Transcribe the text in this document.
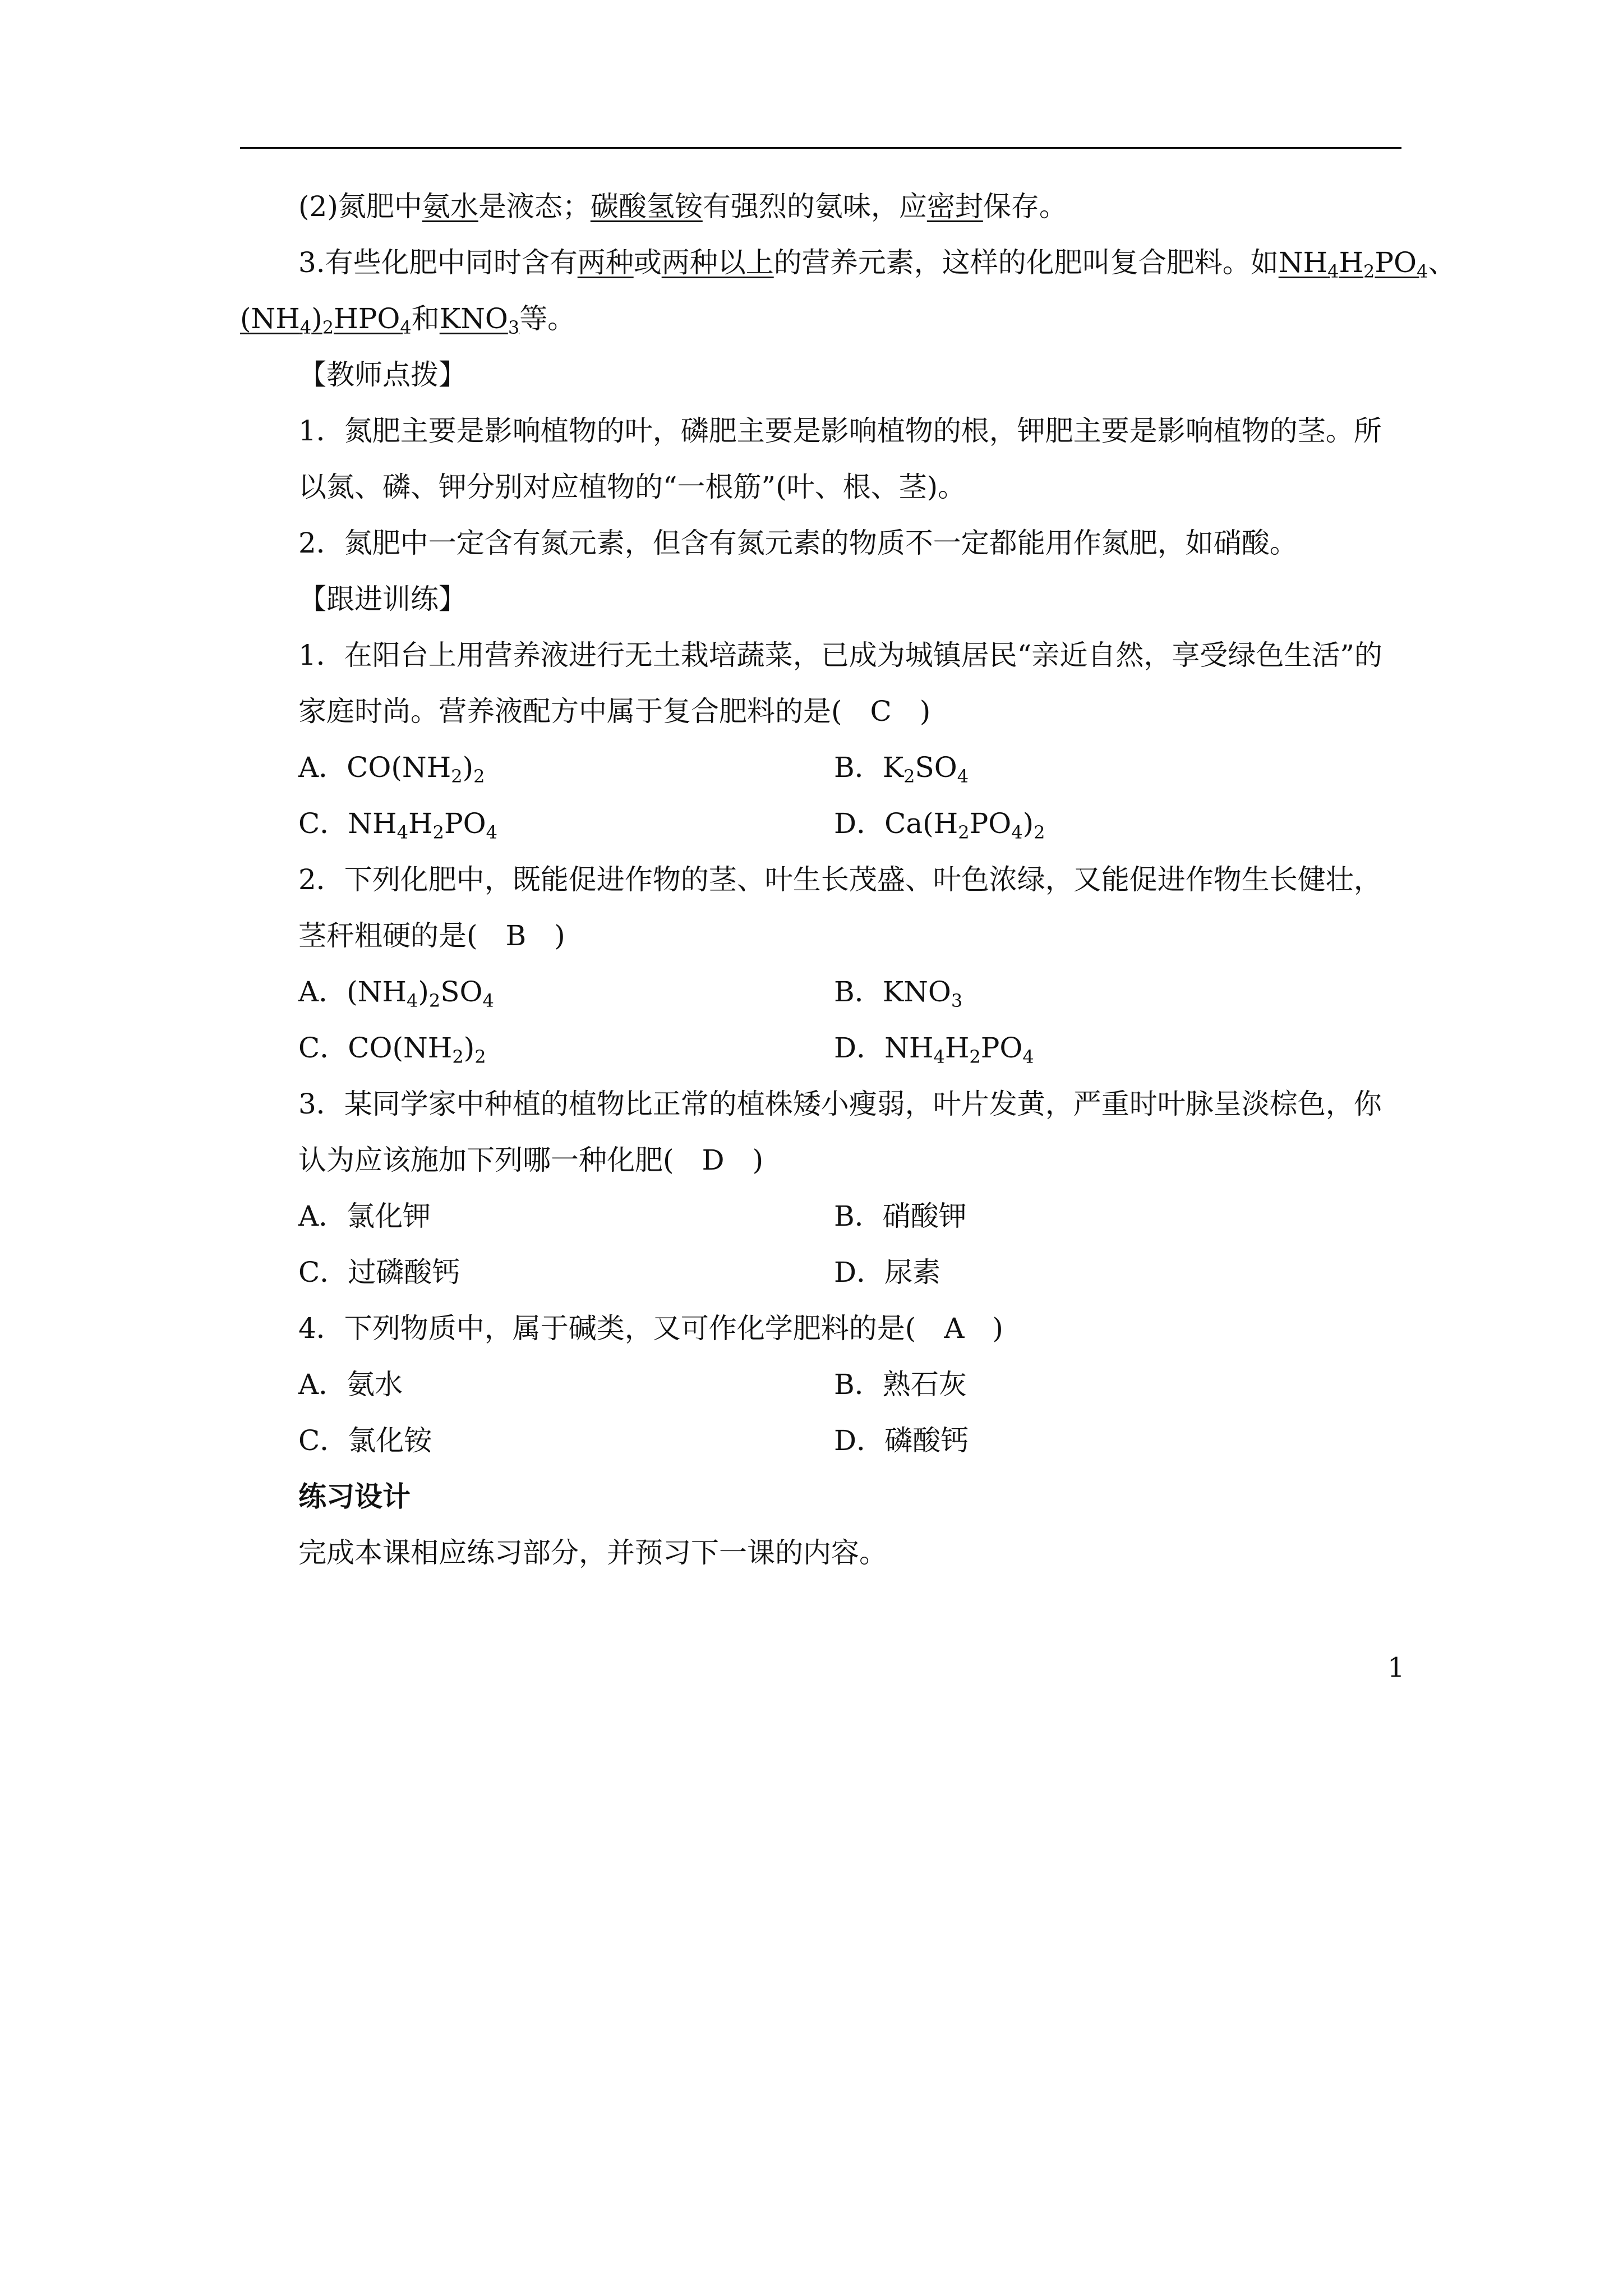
(2)氮肥中氨水是液态；碳酸氢铵有强烈的氨味，应密封保存。

3.有些化肥中同时含有两种或两种以上的营养元素，这样的化肥叫复合肥料。如$NH_4H_2PO_4$、

$(NH_4)_2HPO_4$和$KNO_3$等。

【教师点拨】

1．氮肥主要是影响植物的叶，磷肥主要是影响植物的根，钾肥主要是影响植物的茎。所以氮、磷、钾分别对应植物的“一根筋”(叶、根、茎)。

2．氮肥中一定含有氮元素，但含有氮元素的物质不一定都能用作氮肥，如硝酸。

【跟进训练】

1．在阳台上用营养液进行无土栽培蔬菜，已成为城镇居民“亲近自然，享受绿色生活”的家庭时尚。营养液配方中属于复合肥料的是(　C　)

A．$CO(NH_2)_2$	B．$K_2SO_4$
C．$NH_4H_2PO_4$	D．$Ca(H_2PO_4)_2$

2．下列化肥中，既能促进作物的茎、叶生长茂盛、叶色浓绿，又能促进作物生长健壮，茎秆粗硬的是(　B　)

A．$(NH_4)_2SO_4$	B．$KNO_3$
C．$CO(NH_2)_2$	D．$NH_4H_2PO_4$

3．某同学家中种植的植物比正常的植株矮小瘦弱，叶片发黄，严重时叶脉呈淡棕色，你认为应该施加下列哪一种化肥(　D　)

A．氯化钾	B．硝酸钾
C．过磷酸钙	D．尿素

4．下列物质中，属于碱类，又可作化学肥料的是(　A　)

A．氨水	B．熟石灰
C．氯化铵	D．磷酸钙

练习设计

完成本课相应练习部分，并预习下一课的内容。

1
